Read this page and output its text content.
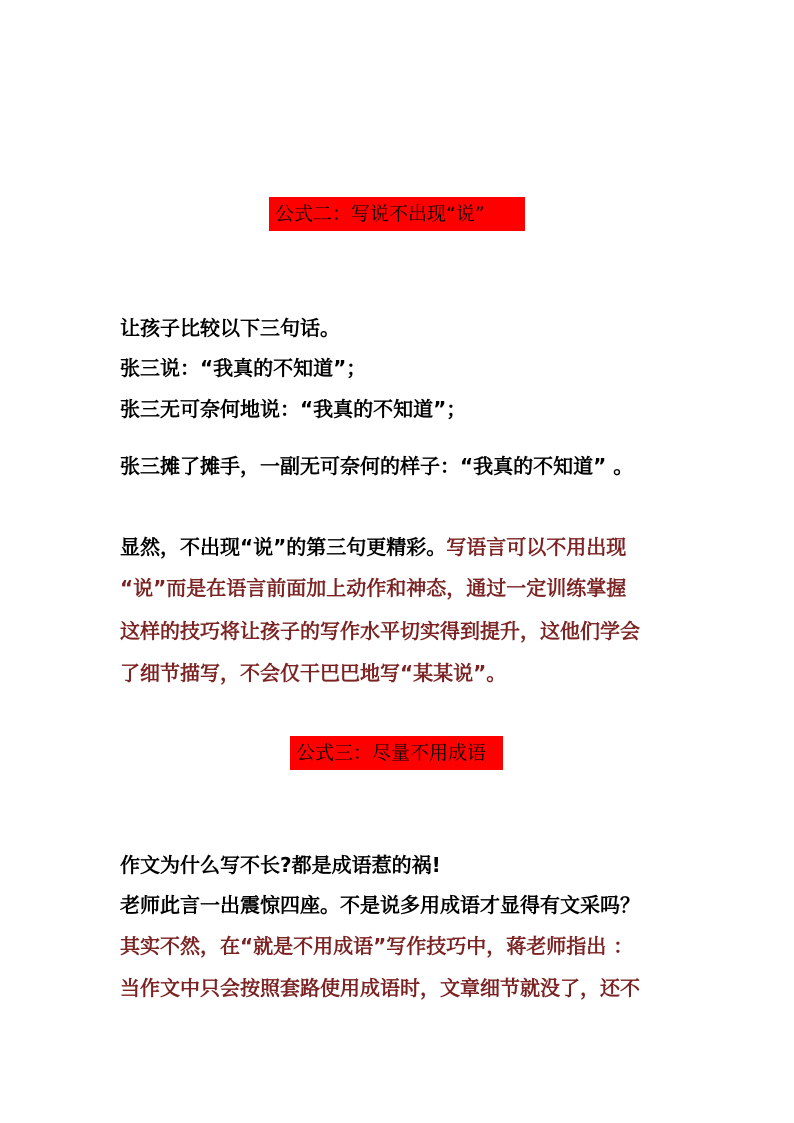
公式二：写说不出现“说”
让孩子比较以下三句话。
张三说：“我真的不知道”；
张三无可奈何地说：“我真的不知道”；
张三摊了摊手，一副无可奈何的样子：“我真的不知道” 。
显然，不出现“说”的第三句更精彩。写语言可以不用出现
“说”而是在语言前面加上动作和神态，通过一定训练掌握
这样的技巧将让孩子的写作水平切实得到提升，这他们学会
了细节描写，不会仅干巴巴地写“某某说”。
公式三：尽量不用成语
作文为什么写不长?都是成语惹的祸!
老师此言一出震惊四座。不是说多用成语才显得有文采吗？
其实不然，在“就是不用成语”写作技巧中，蒋老师指出 ：
当作文中只会按照套路使用成语时，文章细节就没了，还不
